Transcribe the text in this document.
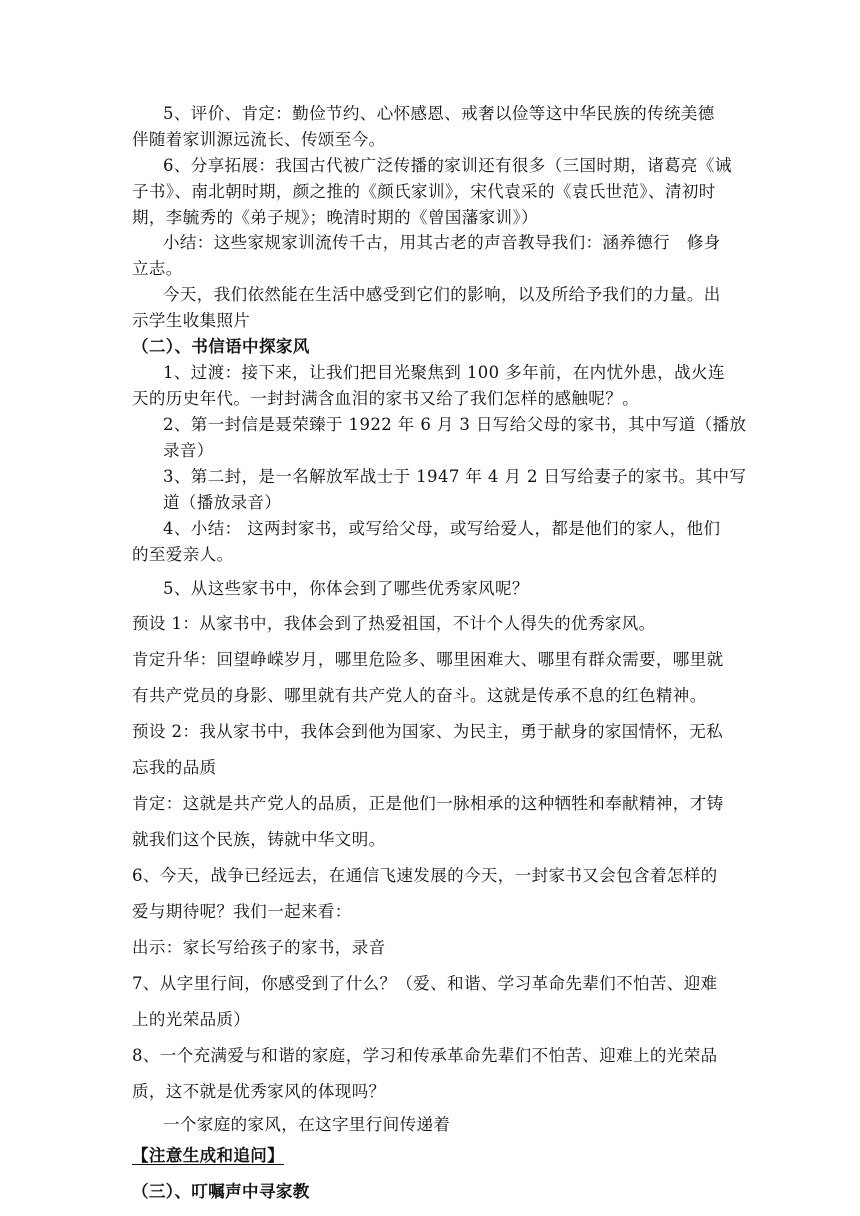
5、评价、肯定：勤俭节约、心怀感恩、戒奢以俭等这中华民族的传统美德
伴随着家训源远流长、传颂至今。
6、分享拓展：我国古代被广泛传播的家训还有很多（三国时期，诸葛亮《诫
子书》、南北朝时期，颜之推的《颜氏家训》，宋代袁采的《袁氏世范》、清初时
期，李毓秀的《弟子规》；晚清时期的《曾国藩家训》）
小结：这些家规家训流传千古，用其古老的声音教导我们：涵养德行　修身
立志。
今天，我们依然能在生活中感受到它们的影响，以及所给予我们的力量。出
示学生收集照片
（二）、书信语中探家风
1、过渡：接下来，让我们把目光聚焦到 100 多年前，在内忧外患，战火连
天的历史年代。一封封满含血泪的家书又给了我们怎样的感触呢？。
2、第一封信是聂荣臻于 1922 年 6 月 3 日写给父母的家书，其中写道（播放
录音）
3、第二封，是一名解放军战士于 1947 年 4 月 2 日写给妻子的家书。其中写
道（播放录音）
4、小结： 这两封家书，或写给父母，或写给爱人，都是他们的家人，他们
的至爱亲人。
5、从这些家书中，你体会到了哪些优秀家风呢？
预设 1：从家书中，我体会到了热爱祖国，不计个人得失的优秀家风。
肯定升华：回望峥嵘岁月，哪里危险多、哪里困难大、哪里有群众需要，哪里就
有共产党员的身影、哪里就有共产党人的奋斗。这就是传承不息的红色精神。
预设 2：我从家书中，我体会到他为国家、为民主，勇于献身的家国情怀，无私
忘我的品质
肯定：这就是共产党人的品质，正是他们一脉相承的这种牺牲和奉献精神，才铸
就我们这个民族，铸就中华文明。
6、今天，战争已经远去，在通信飞速发展的今天，一封家书又会包含着怎样的
爱与期待呢？我们一起来看：
出示：家长写给孩子的家书，录音
7、从字里行间，你感受到了什么？（爱、和谐、学习革命先辈们不怕苦、迎难
上的光荣品质）
8、一个充满爱与和谐的家庭，学习和传承革命先辈们不怕苦、迎难上的光荣品
质，这不就是优秀家风的体现吗？
一个家庭的家风，在这字里行间传递着
【注意生成和追问】
（三）、叮嘱声中寻家教
